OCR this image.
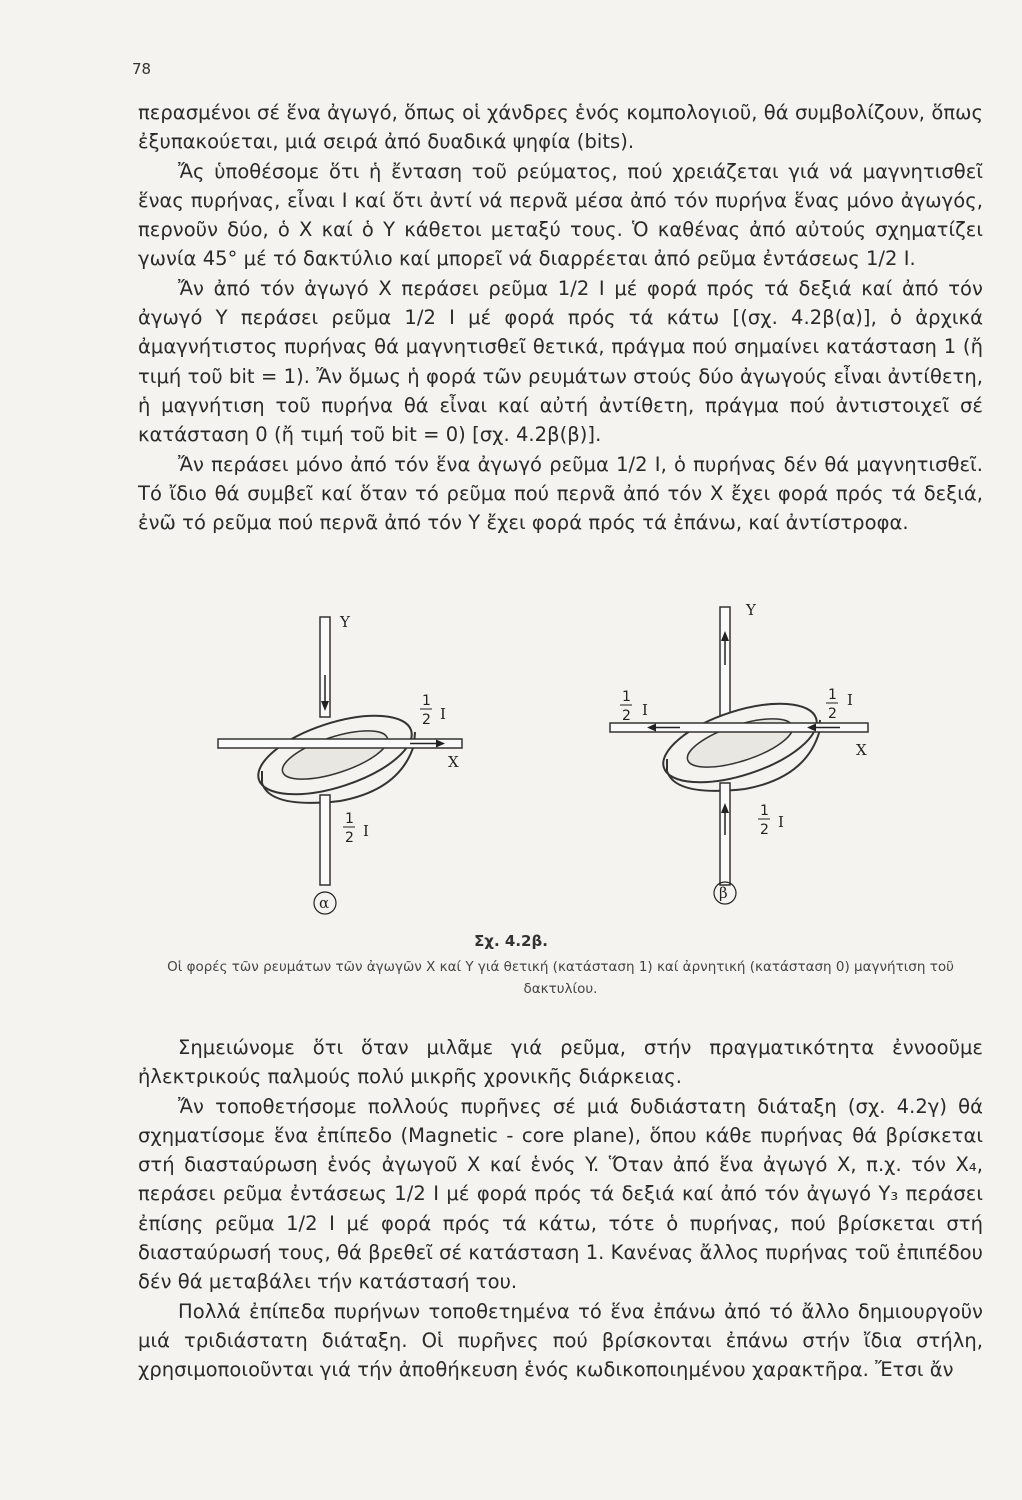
78

περασμένοι σέ ἕνα ἀγωγό, ὅπως οἱ χάνδρες ἑνός κομπολογιοῦ, θά συμβολίζουν, ὅπως ἐξυπακούεται, μιά σειρά ἀπό δυαδικά ψηφία (bits).

Ἄς ὑποθέσομε ὅτι ἡ ἔνταση τοῦ ρεύματος, πού χρειάζεται γιά νά μαγνητισθεῖ ἕνας πυρήνας, εἶναι I καί ὅτι ἀντί νά περνᾶ μέσα ἀπό τόν πυρήνα ἕνας μόνο ἀγωγός, περνοῦν δύο, ὁ X καί ὁ Y κάθετοι μεταξύ τους. Ὁ καθένας ἀπό αὐτούς σχηματίζει γωνία 45° μέ τό δακτύλιο καί μπορεῖ νά διαρρέεται ἀπό ρεῦμα ἐντάσεως 1/2 I.

Ἄν ἀπό τόν ἀγωγό X περάσει ρεῦμα 1/2 I μέ φορά πρός τά δεξιά καί ἀπό τόν ἀγωγό Y περάσει ρεῦμα 1/2 I μέ φορά πρός τά κάτω [(σχ. 4.2β(α)], ὁ ἀρχικά ἀμαγνήτιστος πυρήνας θά μαγνητισθεῖ θετικά, πράγμα πού σημαίνει κατάσταση 1 (ἤ τιμή τοῦ bit = 1). Ἄν ὅμως ἡ φορά τῶν ρευμάτων στούς δύο ἀγωγούς εἶναι ἀντίθετη, ἡ μαγνήτιση τοῦ πυρήνα θά εἶναι καί αὐτή ἀντίθετη, πράγμα πού ἀντιστοιχεῖ σέ κατάσταση 0 (ἤ τιμή τοῦ bit = 0) [σχ. 4.2β(β)].

Ἄν περάσει μόνο ἀπό τόν ἕνα ἀγωγό ρεῦμα 1/2 I, ὁ πυρήνας δέν θά μαγνητισθεῖ. Τό ἴδιο θά συμβεῖ καί ὅταν τό ρεῦμα πού περνᾶ ἀπό τόν X ἔχει φορά πρός τά δεξιά, ἐνῶ τό ρεῦμα πού περνᾶ ἀπό τόν Y ἔχει φορά πρός τά ἐπάνω, καί ἀντίστροφα.

Y
X
1
2 I
1
2 I
α
Y
X
1
2 I
1
2
I
1
2 I
β
Σχ. 4.2β.
Οἱ φορές τῶν ρευμάτων τῶν ἀγωγῶν X καί Y γιά θετική (κατάσταση 1) καί ἀρνητική (κατάσταση 0) μαγνήτιση τοῦ δακτυλίου.

Σημειώνομε ὅτι ὅταν μιλᾶμε γιά ρεῦμα, στήν πραγματικότητα ἐννοοῦμε ἠλεκτρικούς παλμούς πολύ μικρῆς χρονικῆς διάρκειας.

Ἄν τοποθετήσομε πολλούς πυρῆνες σέ μιά δυδιάστατη διάταξη (σχ. 4.2γ) θά σχηματίσομε ἕνα ἐπίπεδο (Magnetic - core plane), ὅπου κάθε πυρήνας θά βρίσκεται στή διασταύρωση ἑνός ἀγωγοῦ X καί ἑνός Y. Ὅταν ἀπό ἕνα ἀγωγό X, π.χ. τόν X₄, περάσει ρεῦμα ἐντάσεως 1/2 I μέ φορά πρός τά δεξιά καί ἀπό τόν ἀγωγό Y₃ περάσει ἐπίσης ρεῦμα 1/2 I μέ φορά πρός τά κάτω, τότε ὁ πυρήνας, πού βρίσκεται στή διασταύρωσή τους, θά βρεθεῖ σέ κατάσταση 1. Κανένας ἄλλος πυρήνας τοῦ ἐπιπέδου δέν θά μεταβάλει τήν κατάστασή του.

Πολλά ἐπίπεδα πυρήνων τοποθετημένα τό ἕνα ἐπάνω ἀπό τό ἄλλο δημιουργοῦν μιά τριδιάστατη διάταξη. Οἱ πυρῆνες πού βρίσκονται ἐπάνω στήν ἴδια στήλη, χρησιμοποιοῦνται γιά τήν ἀποθήκευση ἑνός κωδικοποιημένου χαρακτῆρα. Ἔτσι ἄν
